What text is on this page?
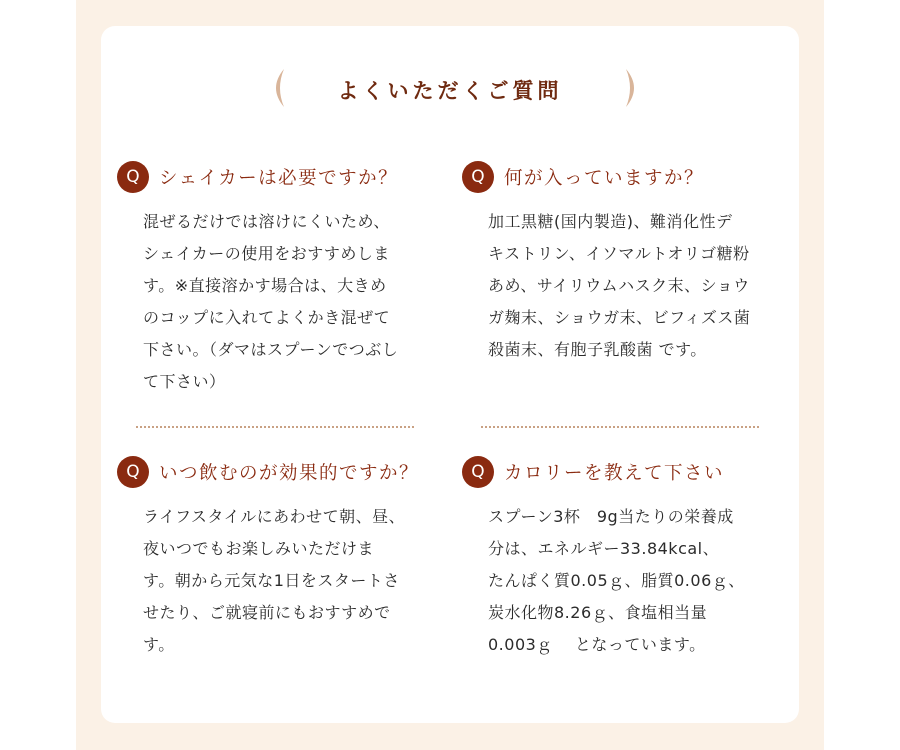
よくいただくご質問
Q	シェイカーは必要ですか？
混ぜるだけでは溶けにくいため、
シェイカーの使用をおすすめしま
す。※直接溶かす場合は、大きめ
のコップに入れてよくかき混ぜて
下さい。（ダマはスプーンでつぶし
て下さい）
Q	何が入っていますか？
加工黒糖(国内製造)、難消化性デ
キストリン、イソマルトオリゴ糖粉
あめ、サイリウムハスク末、ショウ
ガ麹末、ショウガ末、ビフィズス菌
殺菌末、有胞子乳酸菌 です。
Q	いつ飲むのが効果的ですか？
ライフスタイルにあわせて朝、昼、
夜いつでもお楽しみいただけま
す。朝から元気な1日をスタートさ
せたり、ご就寝前にもおすすめで
す。
Q	カロリーを教えて下さい
スプーン3杯　9g当たりの栄養成
分は、エネルギー33.84kcal、
たんぱく質0.05ｇ、脂質0.06ｇ、
炭水化物8.26ｇ、食塩相当量
0.003ｇ　 となっています。
